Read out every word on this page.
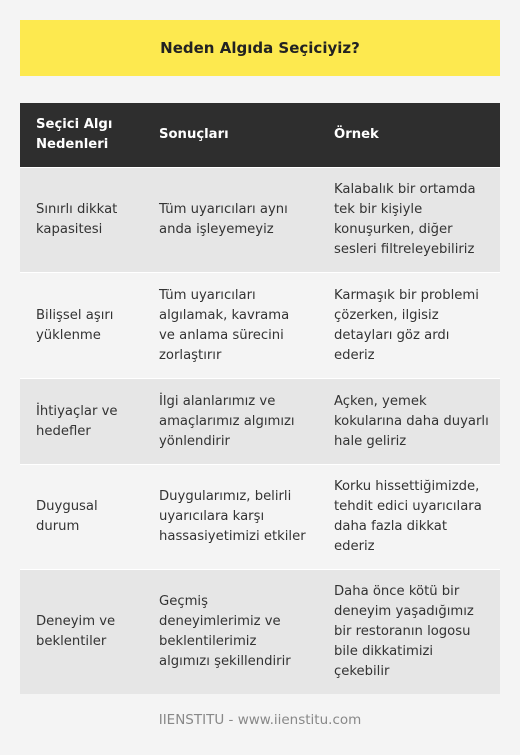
Neden Algıda Seçiciyiz?
Seçici Algı Nedenleri	Sonuçları	Örnek
Sınırlı dikkat kapasitesi	Tüm uyarıcıları aynı anda işleyemeyiz	Kalabalık bir ortamda tek bir kişiyle konuşurken, diğer sesleri filtreleyebiliriz
Bilişsel aşırı yüklenme	Tüm uyarıcıları algılamak, kavrama ve anlama sürecini zorlaştırır	Karmaşık bir problemi çözerken, ilgisiz detayları göz ardı ederiz
İhtiyaçlar ve hedefler	İlgi alanlarımız ve amaçlarımız algımızı yönlendirir	Açken, yemek kokularına daha duyarlı hale geliriz
Duygusal durum	Duygularımız, belirli uyarıcılara karşı hassasiyetimizi etkiler	Korku hissettiğimizde, tehdit edici uyarıcılara daha fazla dikkat ederiz
Deneyim ve beklentiler	Geçmiş deneyimlerimiz ve beklentilerimiz algımızı şekillendirir	Daha önce kötü bir deneyim yaşadığımız bir restoranın logosu bile dikkatimizi çekebilir
IIENSTITU - www.iienstitu.com
